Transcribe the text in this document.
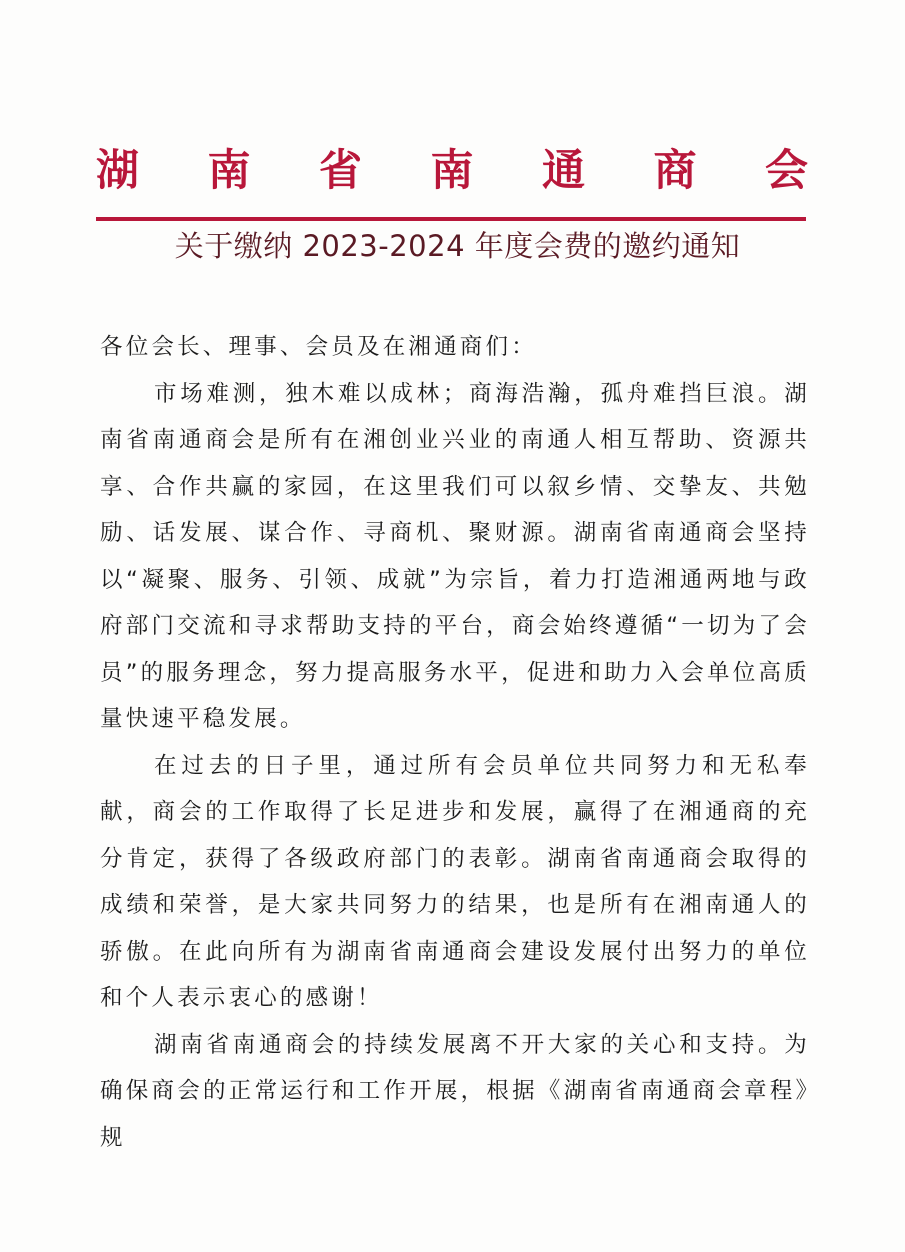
湖 南 省 南 通 商 会
关于缴纳 2023-2024 年度会费的邀约通知

各位会长、理事、会员及在湘通商们：

市场难测，独木难以成林；商海浩瀚，孤舟难挡巨浪。湖南省南通商会是所有在湘创业兴业的南通人相互帮助、资源共享、合作共赢的家园，在这里我们可以叙乡情、交挚友、共勉励、话发展、谋合作、寻商机、聚财源。湖南省南通商会坚持以“凝聚、服务、引领、成就”为宗旨，着力打造湘通两地与政府部门交流和寻求帮助支持的平台，商会始终遵循“一切为了会员”的服务理念，努力提高服务水平，促进和助力入会单位高质量快速平稳发展。

在过去的日子里，通过所有会员单位共同努力和无私奉献，商会的工作取得了长足进步和发展，赢得了在湘通商的充分肯定，获得了各级政府部门的表彰。湖南省南通商会取得的成绩和荣誉，是大家共同努力的结果，也是所有在湘南通人的骄傲。在此向所有为湖南省南通商会建设发展付出努力的单位和个人表示衷心的感谢！

湖南省南通商会的持续发展离不开大家的关心和支持。为确保商会的正常运行和工作开展，根据《湖南省南通商会章程》规
